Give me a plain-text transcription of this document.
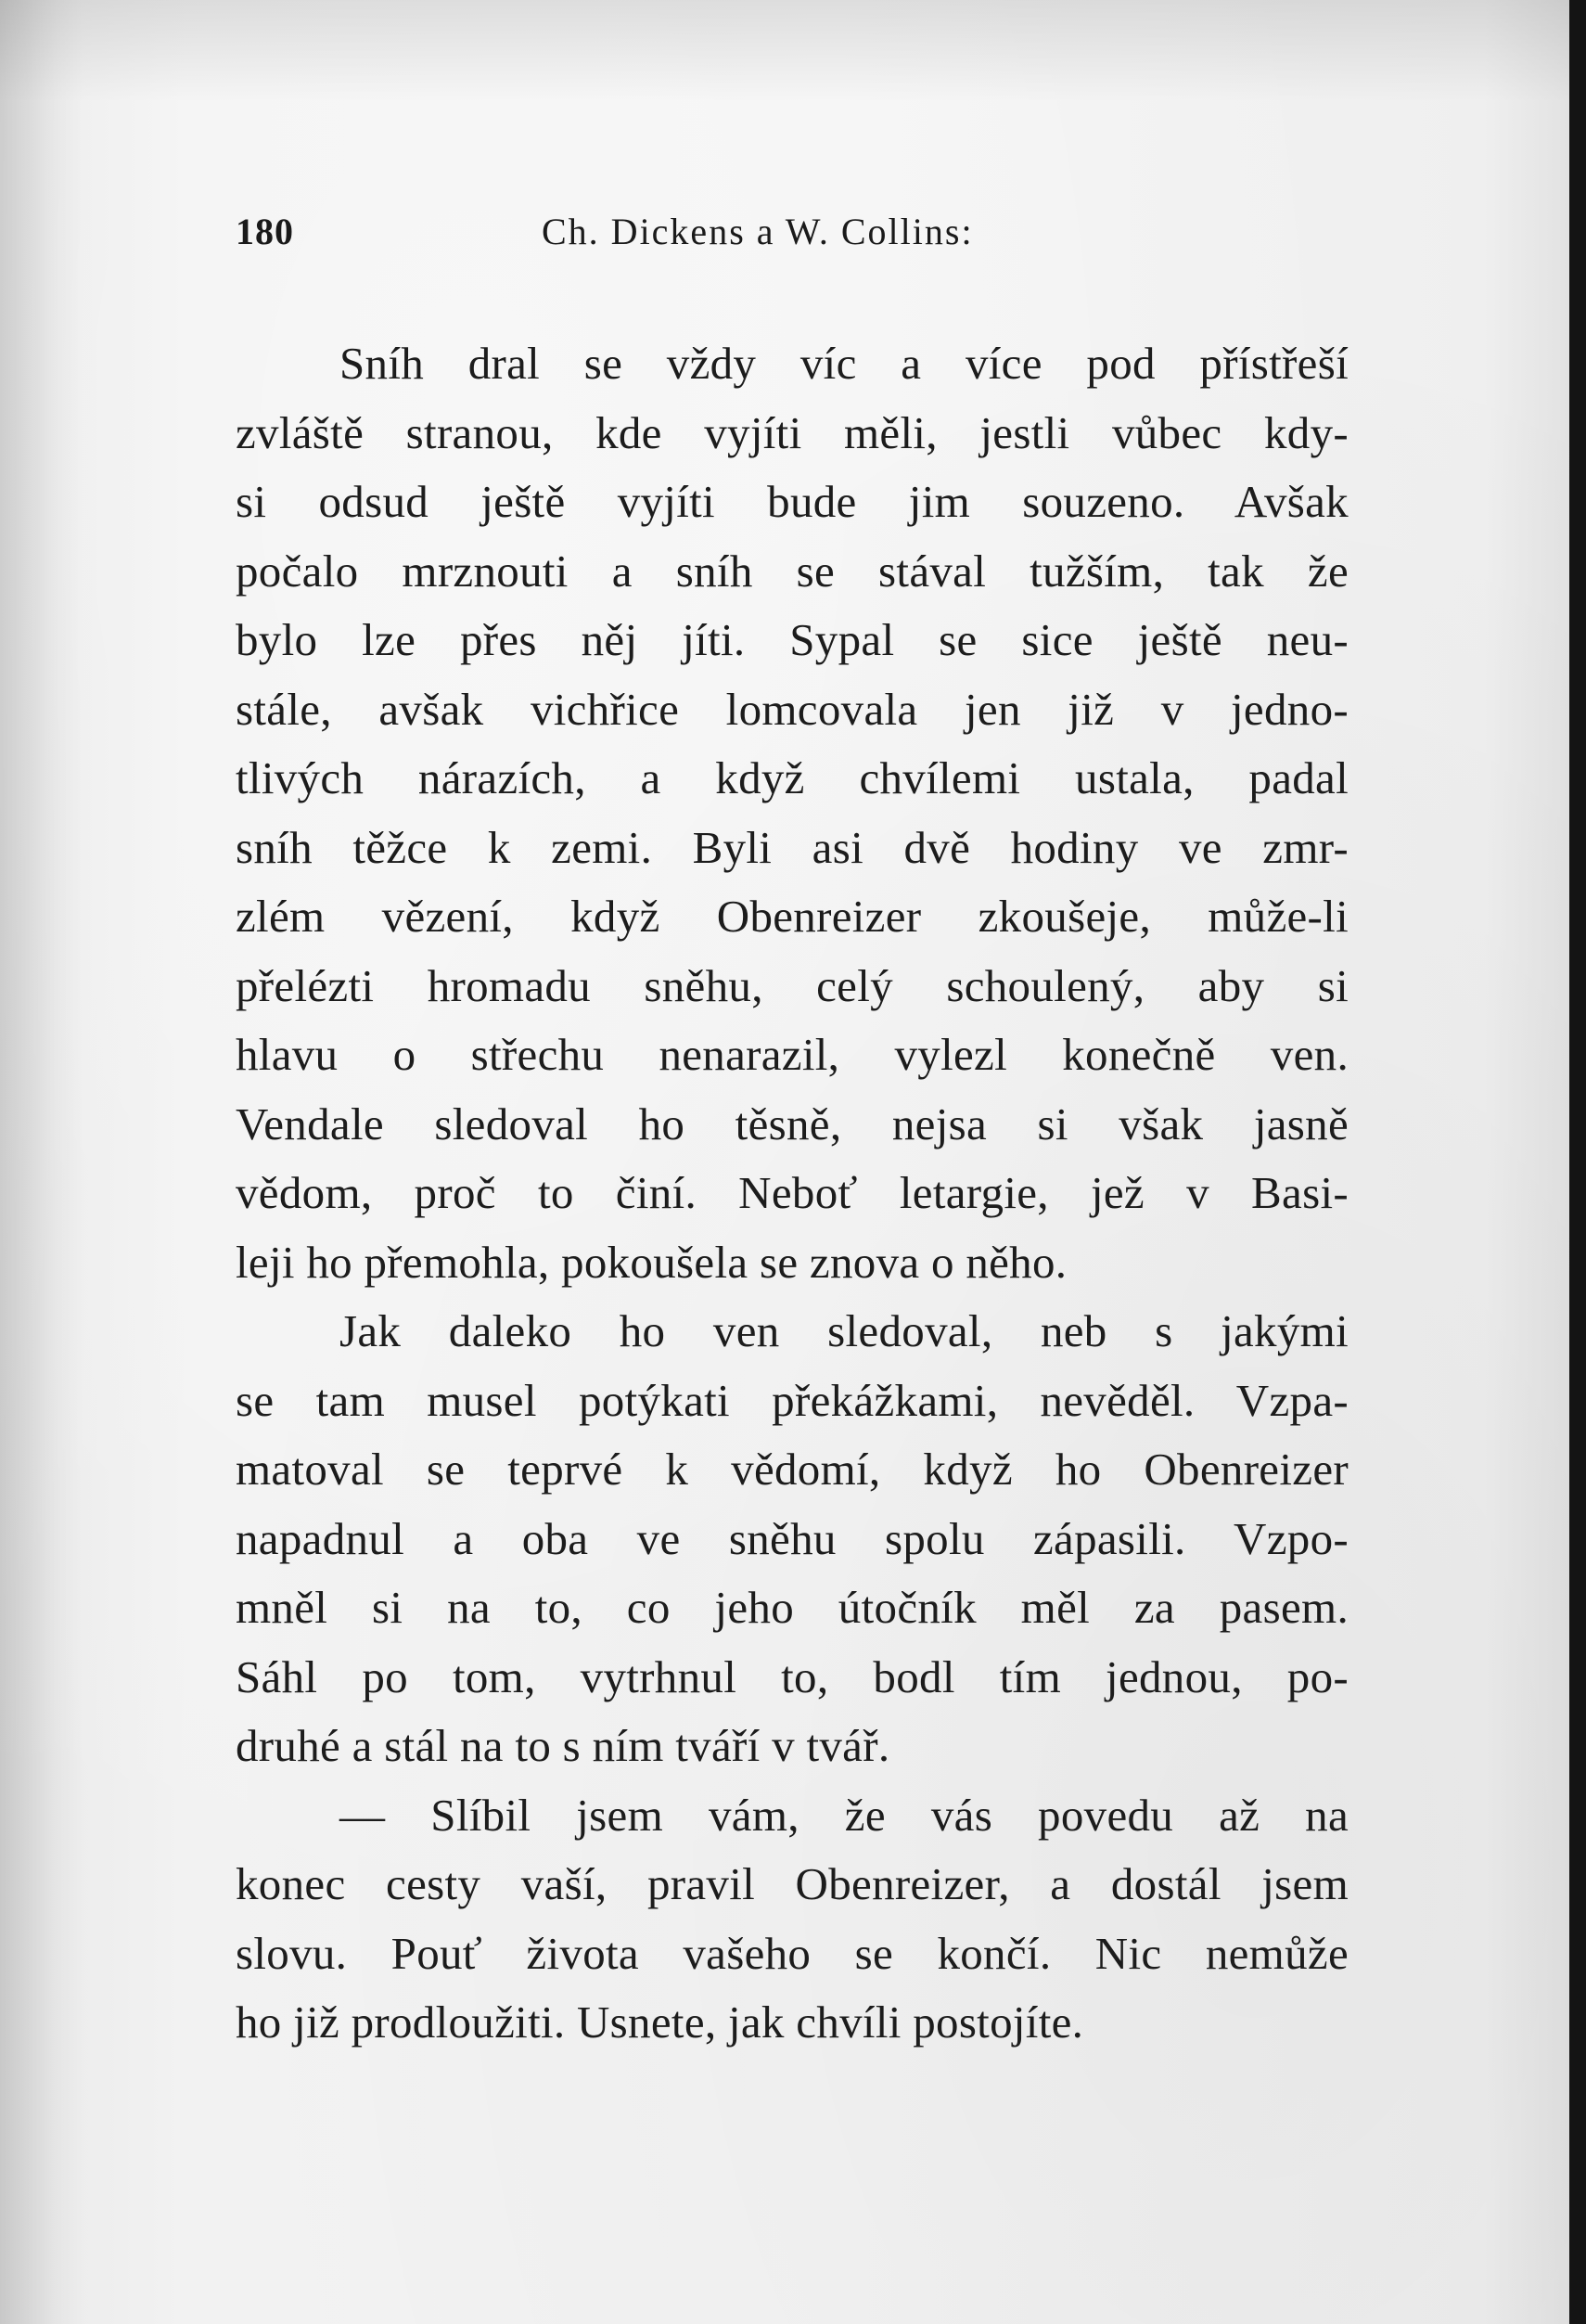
180	Ch. Dickens a W. Collins:
Sníh dral se vždy víc a více pod přístřeší
zvláště stranou, kde vyjíti měli, jestli vůbec kdy-
si odsud ještě vyjíti bude jim souzeno. Avšak
počalo mrznouti a sníh se stával tužším, tak že
bylo lze přes něj jíti. Sypal se sice ještě neu-
stále, avšak vichřice lomcovala jen již v jedno-
tlivých nárazích, a když chvílemi ustala, padal
sníh těžce k zemi. Byli asi dvě hodiny ve zmr-
zlém vězení, když Obenreizer zkoušeje, může-li
přelézti hromadu sněhu, celý schoulený, aby si
hlavu o střechu nenarazil, vylezl konečně ven.
Vendale sledoval ho těsně, nejsa si však jasně
vědom, proč to činí. Neboť letargie, jež v Basi-
leji ho přemohla, pokoušela se znova o něho.
Jak daleko ho ven sledoval, neb s jakými
se tam musel potýkati překážkami, nevěděl. Vzpa-
matoval se teprvé k vědomí, když ho Obenreizer
napadnul a oba ve sněhu spolu zápasili. Vzpo-
mněl si na to, co jeho útočník měl za pasem.
Sáhl po tom, vytrhnul to, bodl tím jednou, po-
druhé a stál na to s ním tváří v tvář.
— Slíbil jsem vám, že vás povedu až na
konec cesty vaší, pravil Obenreizer, a dostál jsem
slovu. Pouť života vašeho se končí. Nic nemůže
ho již prodloužiti. Usnete, jak chvíli postojíte.
